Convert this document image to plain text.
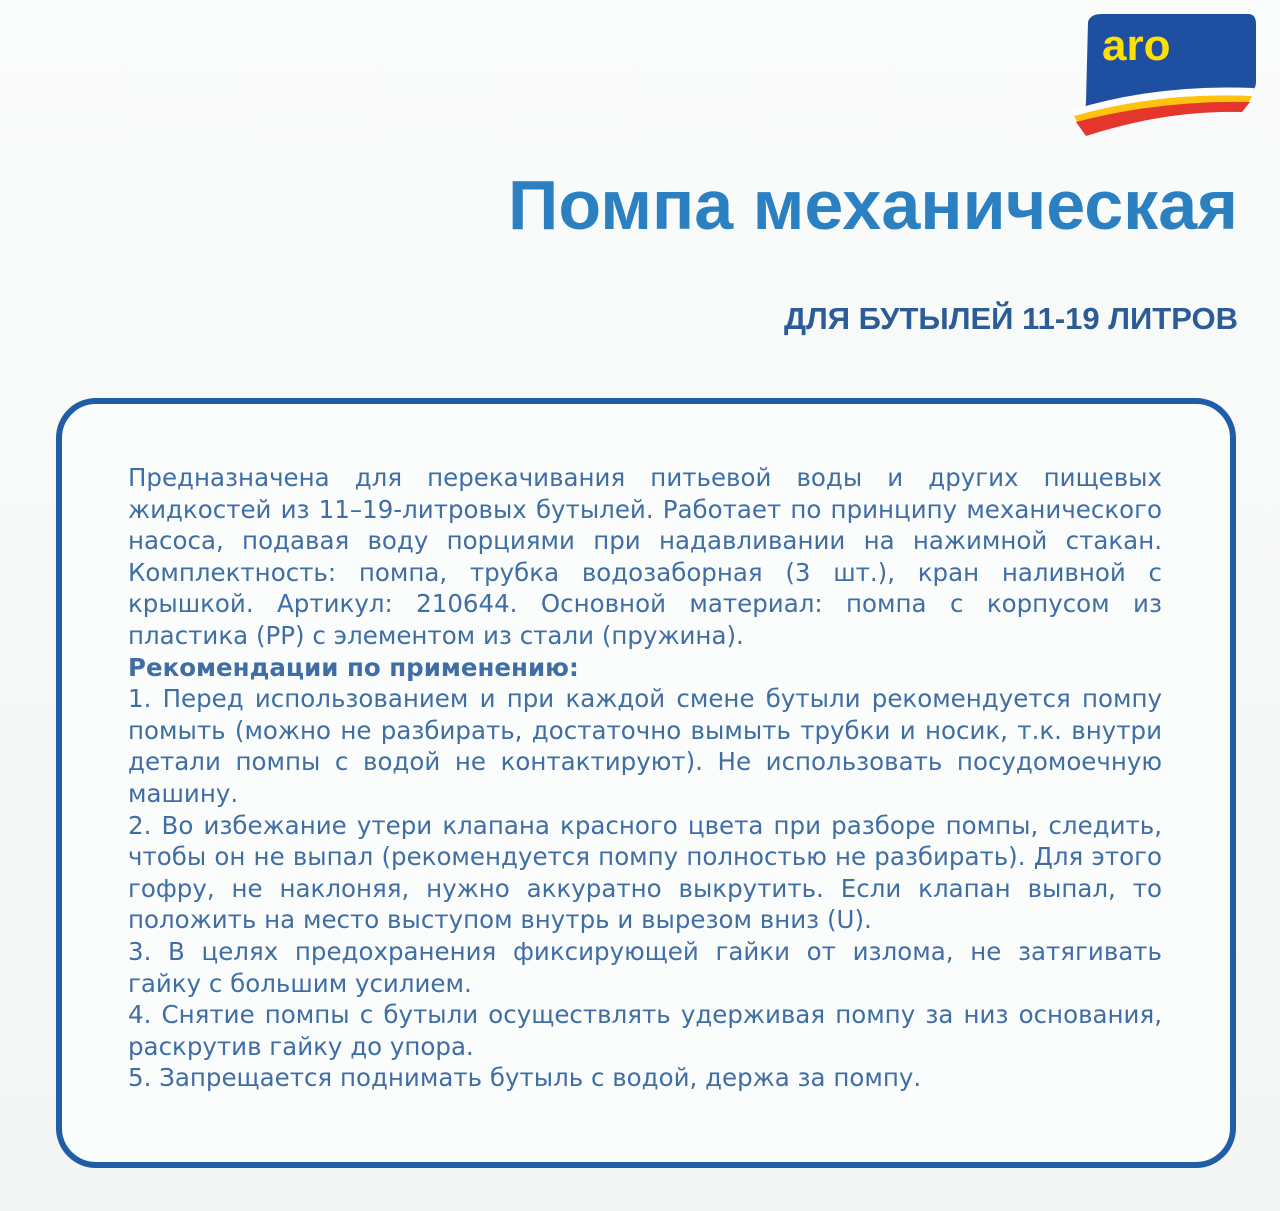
aro
Помпа механическая
ДЛЯ БУТЫЛЕЙ 11-19 ЛИТРОВ

Предназначена для перекачивания питьевой воды и других пищевых жидкостей из 11–19-литровых бутылей. Работает по принципу механического насоса, подавая воду порциями при надавливании на нажимной стакан. Комплектность: помпа, трубка водозаборная (3 шт.), кран наливной с крышкой. Артикул: 210644. Основной материал: помпа с корпусом из пластика (PP) с элементом из стали (пружина).

Рекомендации по применению:

1. Перед использованием и при каждой смене бутыли рекомендуется помпу помыть (можно не разбирать, достаточно вымыть трубки и носик, т.к. внутри детали помпы с водой не контактируют). Не использовать посудомоечную машину.

2. Во избежание утери клапана красного цвета при разборе помпы, следить, чтобы он не выпал (рекомендуется помпу полностью не разбирать). Для этого гофру, не наклоняя, нужно аккуратно выкрутить. Если клапан выпал, то положить на место выступом внутрь и вырезом вниз (U).

3. В целях предохранения фиксирующей гайки от излома, не затягивать гайку с большим усилием.

4. Снятие помпы с бутыли осуществлять удерживая помпу за низ основания, раскрутив гайку до упора.

5. Запрещается поднимать бутыль с водой, держа за помпу.
